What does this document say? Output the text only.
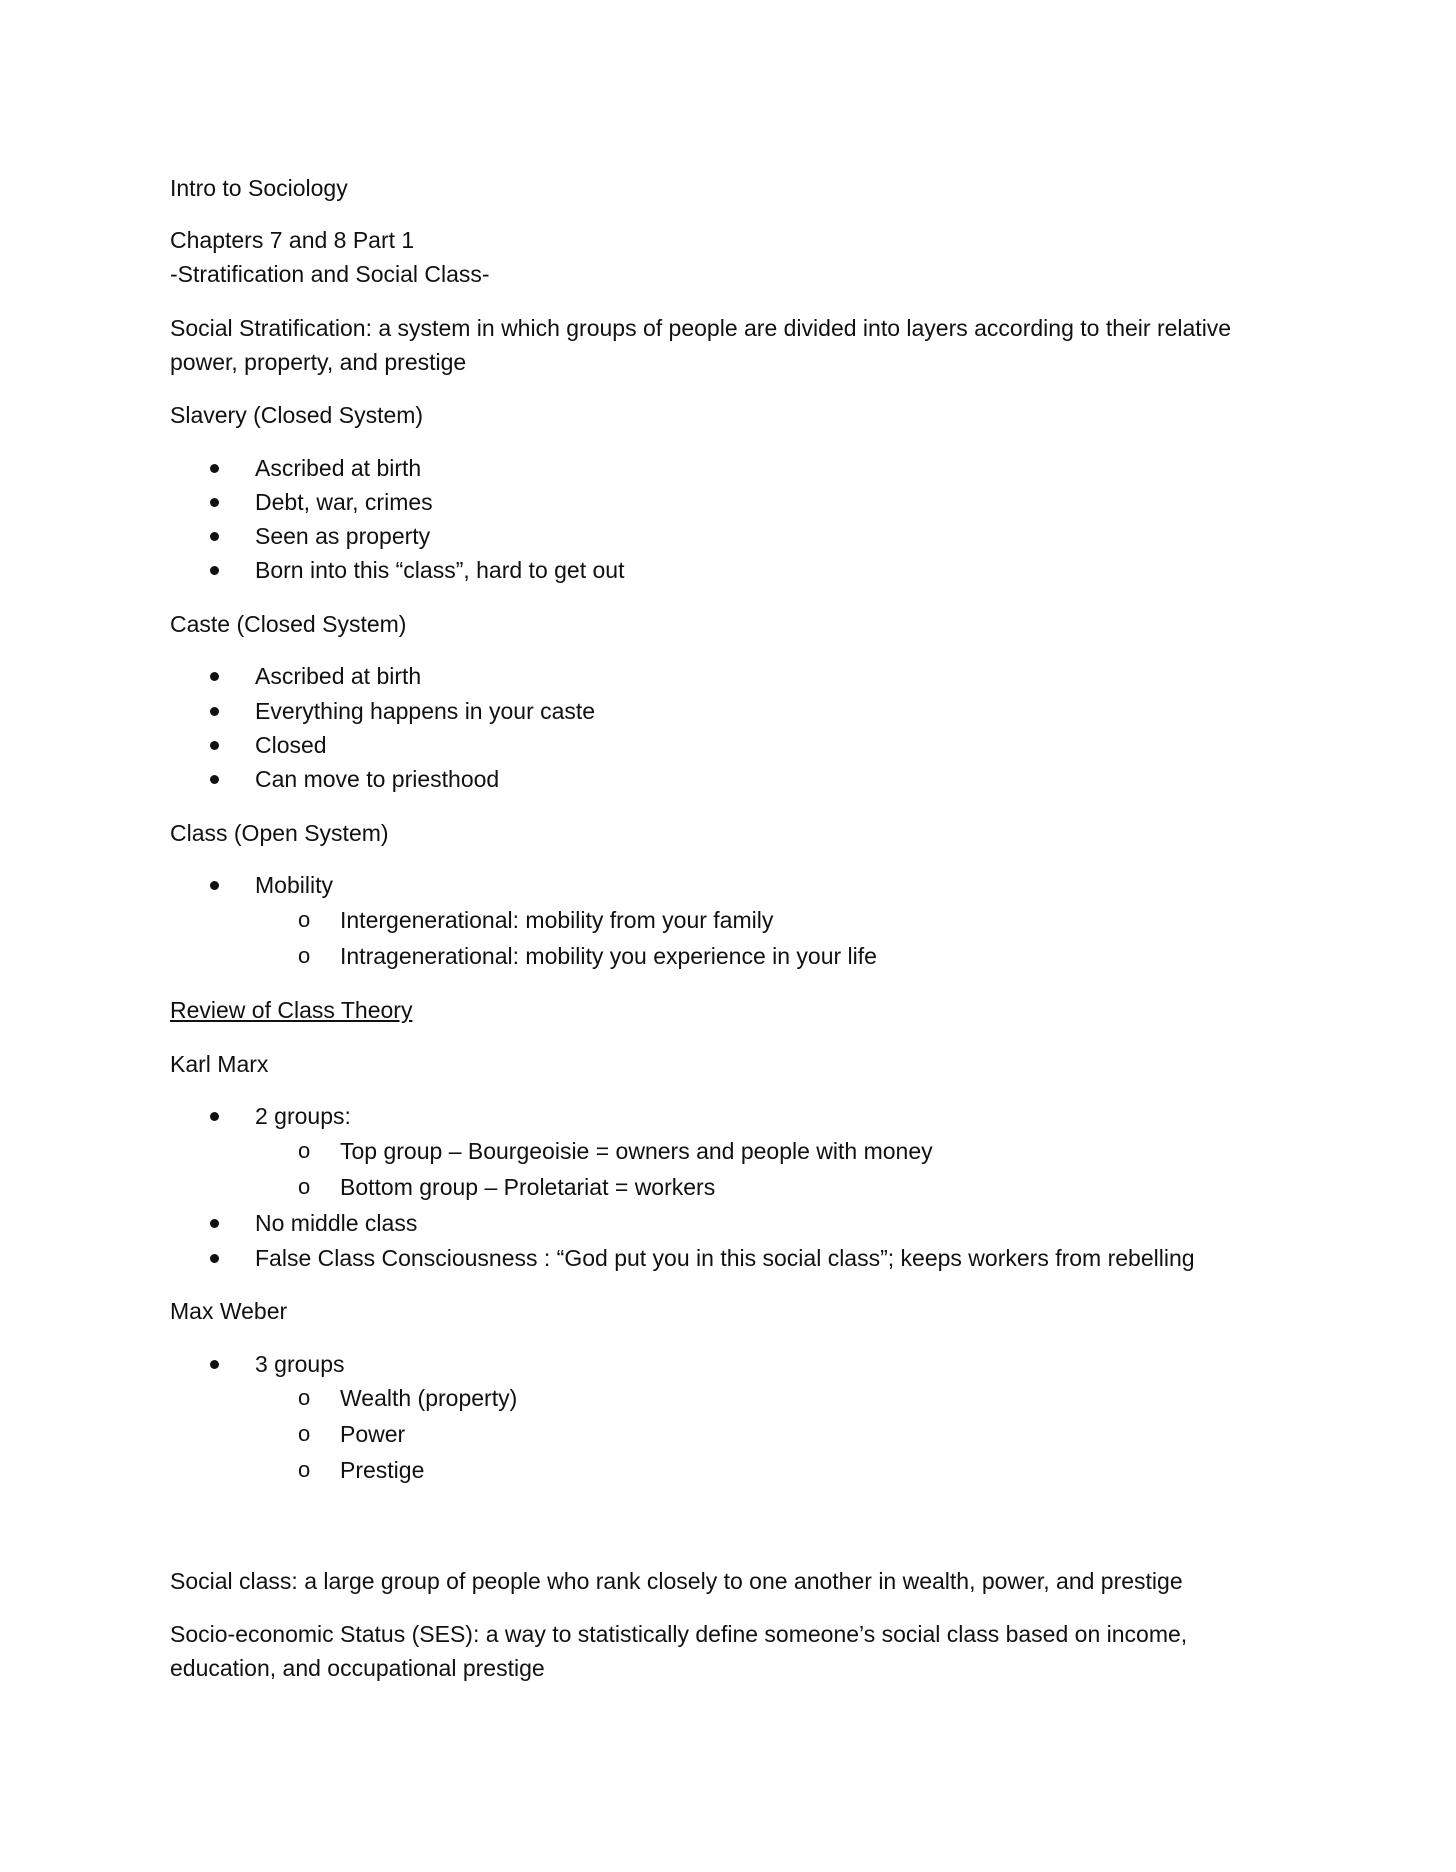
Intro to Sociology

Chapters 7 and 8 Part 1

-Stratification and Social Class-

Social Stratification: a system in which groups of people are divided into layers according to their relative

power, property, and prestige

Slavery (Closed System)

Ascribed at birth
Debt, war, crimes
Seen as property
Born into this “class”, hard to get out

Caste (Closed System)

Ascribed at birth
Everything happens in your caste
Closed
Can move to priesthood

Class (Open System)

Mobility
o Intergenerational: mobility from your family
o Intragenerational: mobility you experience in your life

Review of Class Theory

Karl Marx

2 groups:
o Top group – Bourgeoisie = owners and people with money
o Bottom group – Proletariat = workers
No middle class
False Class Consciousness : “God put you in this social class”; keeps workers from rebelling

Max Weber

3 groups
o Wealth (property)
o Power
o Prestige

Social class: a large group of people who rank closely to one another in wealth, power, and prestige

Socio-economic Status (SES): a way to statistically define someone’s social class based on income,

education, and occupational prestige
